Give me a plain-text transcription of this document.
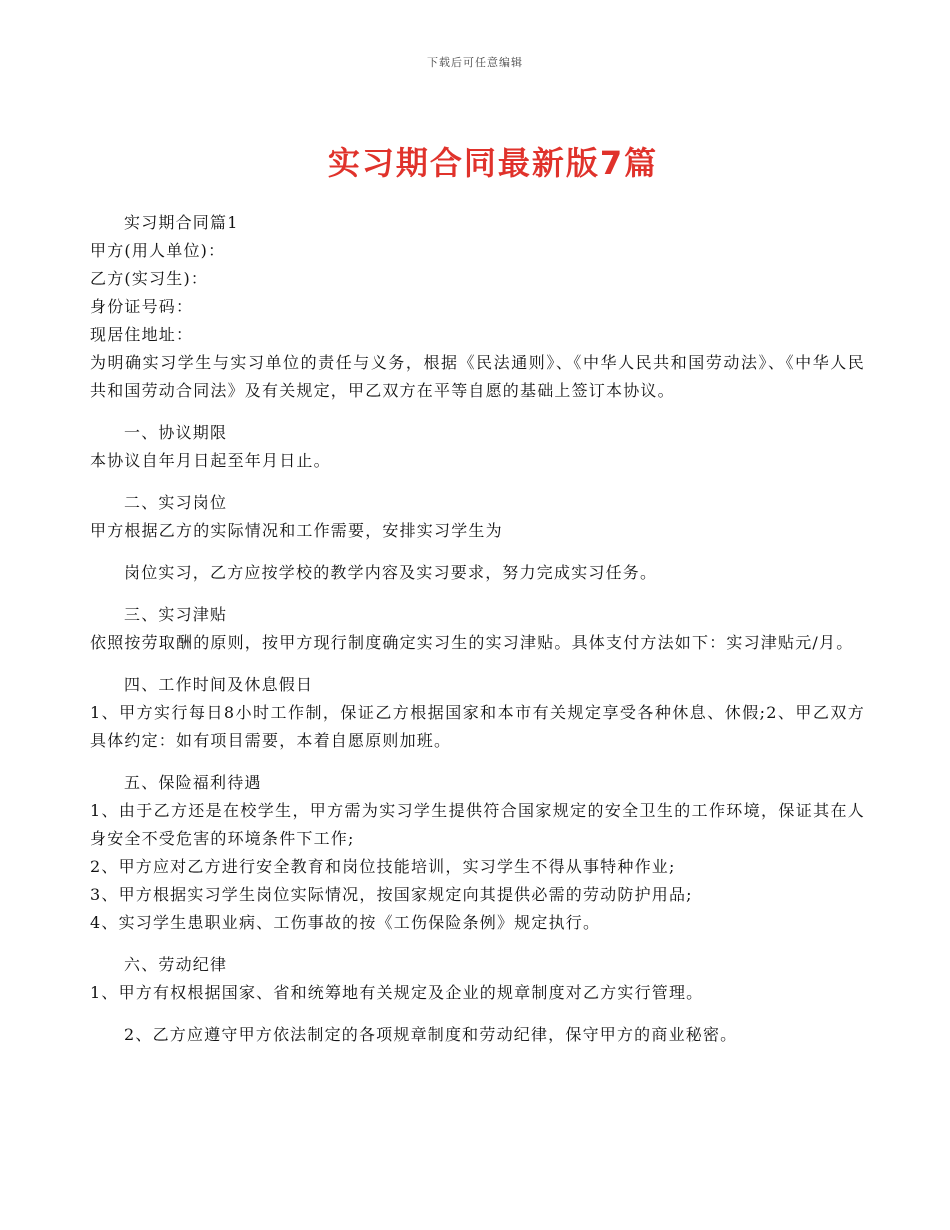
下载后可任意编辑
实习期合同最新版7篇

实习期合同篇1

甲方(用人单位)：

乙方(实习生)：

身份证号码：

现居住地址：

为明确实习学生与实习单位的责任与义务，根据《民法通则》、《中华人民共和国劳动法》、《中华人民共和国劳动合同法》及有关规定，甲乙双方在平等自愿的基础上签订本协议。

一、协议期限

本协议自年月日起至年月日止。

二、实习岗位

甲方根据乙方的实际情况和工作需要，安排实习学生为

岗位实习，乙方应按学校的教学内容及实习要求，努力完成实习任务。

三、实习津贴

依照按劳取酬的原则，按甲方现行制度确定实习生的实习津贴。具体支付方法如下：实习津贴元/月。

四、工作时间及休息假日

1、甲方实行每日8小时工作制，保证乙方根据国家和本市有关规定享受各种休息、休假;2、甲乙双方具体约定：如有项目需要，本着自愿原则加班。

五、保险福利待遇

1、由于乙方还是在校学生，甲方需为实习学生提供符合国家规定的安全卫生的工作环境，保证其在人身安全不受危害的环境条件下工作;

2、甲方应对乙方进行安全教育和岗位技能培训，实习学生不得从事特种作业;

3、甲方根据实习学生岗位实际情况，按国家规定向其提供必需的劳动防护用品;

4、实习学生患职业病、工伤事故的按《工伤保险条例》规定执行。

六、劳动纪律

1、甲方有权根据国家、省和统筹地有关规定及企业的规章制度对乙方实行管理。

2、乙方应遵守甲方依法制定的各项规章制度和劳动纪律，保守甲方的商业秘密。
